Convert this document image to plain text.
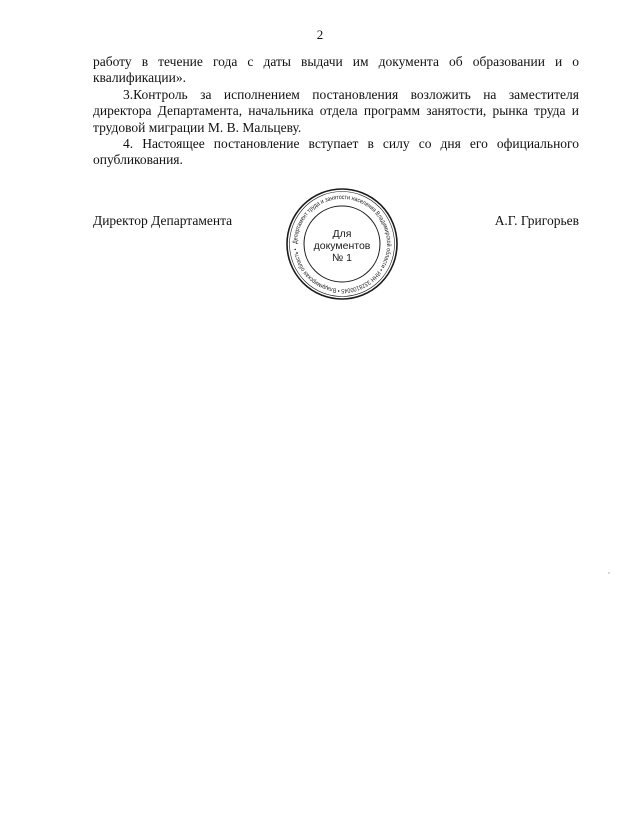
2

работу в течение года с даты выдачи им документа об образовании и о квалификации».

3.Контроль за исполнением постановления возложить на заместителя директора Департамента, начальника отдела программ занятости, рынка труда и трудовой миграции М. В. Мальцеву.

4. Настоящее постановление вступает в силу со дня его официального опубликования.

Директор Департамента	А.Г. Григорьев
Департамент труда и занятости населения Владимирской области • ИНН 3328100045 • Владимирская область •
Для
документов
№ 1
